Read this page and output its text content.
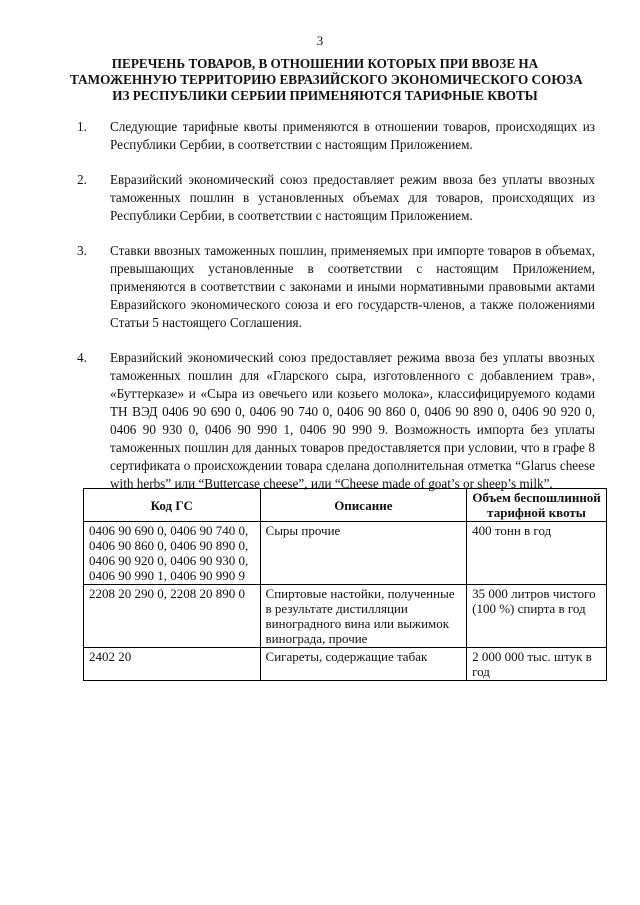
3
ПЕРЕЧЕНЬ ТОВАРОВ, В ОТНОШЕНИИ КОТОРЫХ ПРИ ВВОЗЕ НА
ТАМОЖЕННУЮ ТЕРРИТОРИЮ ЕВРАЗИЙСКОГО ЭКОНОМИЧЕСКОГО СОЮЗА
ИЗ РЕСПУБЛИКИ СЕРБИИ ПРИМЕНЯЮТСЯ ТАРИФНЫЕ КВОТЫ
1. Следующие тарифные квоты применяются в отношении товаров, происходящих из Республики Сербии, в соответствии с настоящим Приложением.
2. Евразийский экономический союз предоставляет режим ввоза без уплаты ввозных таможенных пошлин в установленных объемах для товаров, происходящих из Республики Сербии, в соответствии с настоящим Приложением.
3. Ставки ввозных таможенных пошлин, применяемых при импорте товаров в объемах, превышающих установленные в соответствии с настоящим Приложением, применяются в соответствии с законами и иными нормативными правовыми актами Евразийского экономического союза и его государств-членов, а также положениями Статьи 5 настоящего Соглашения.
4. Евразийский экономический союз предоставляет режима ввоза без уплаты ввозных таможенных пошлин для «Гларского сыра, изготовленного с добавлением трав», «Буттерказе» и «Сыра из овечьего или козьего молока», классифицируемого кодами ТН ВЭД 0406 90 690 0, 0406 90 740 0, 0406 90 860 0, 0406 90 890 0, 0406 90 920 0, 0406 90 930 0, 0406 90 990 1, 0406 90 990 9. Возможность импорта без уплаты таможенных пошлин для данных товаров предоставляется при условии, что в графе 8 сертификата о происхождении товара сделана дополнительная отметка “Glarus cheese with herbs” или “Buttercase cheese”, или “Cheese made of goat’s or sheep’s milk”.
Код ГС	Описание	Объем беспошлинной тарифной квоты
0406 90 690 0, 0406 90 740 0, 0406 90 860 0, 0406 90 890 0, 0406 90 920 0, 0406 90 930 0, 0406 90 990 1, 0406 90 990 9	Сыры прочие	400 тонн в год
2208 20 290 0, 2208 20 890 0	Спиртовые настойки, полученные в результате дистилляции виноградного вина или выжимок винограда, прочие	35 000 литров чистого (100 %) спирта в год
2402 20	Сигареты, содержащие табак	2 000 000 тыс. штук в год
